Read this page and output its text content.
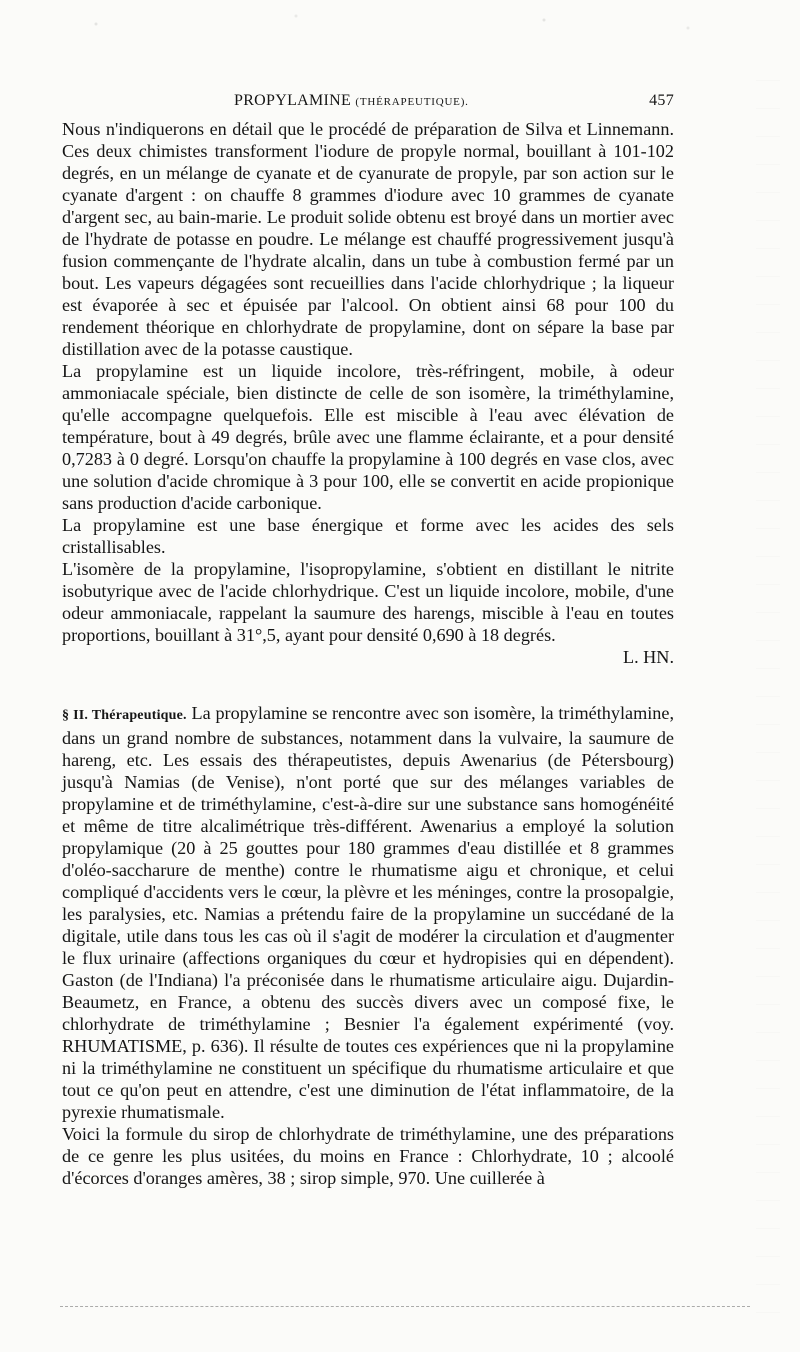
PROPYLAMINE (THÉRAPEUTIQUE).	457

Nous n'indiquerons en détail que le procédé de préparation de Silva et Linnemann. Ces deux chimistes transforment l'iodure de propyle normal, bouillant à 101-102 degrés, en un mélange de cyanate et de cyanurate de propyle, par son action sur le cyanate d'argent : on chauffe 8 grammes d'iodure avec 10 grammes de cyanate d'argent sec, au bain-marie. Le produit solide obtenu est broyé dans un mortier avec de l'hydrate de potasse en poudre. Le mélange est chauffé progressivement jusqu'à fusion commençante de l'hydrate alcalin, dans un tube à combustion fermé par un bout. Les vapeurs dégagées sont recueillies dans l'acide chlorhydrique ; la liqueur est évaporée à sec et épuisée par l'alcool. On obtient ainsi 68 pour 100 du rendement théorique en chlorhydrate de propylamine, dont on sépare la base par distillation avec de la potasse caustique.

La propylamine est un liquide incolore, très-réfringent, mobile, à odeur ammoniacale spéciale, bien distincte de celle de son isomère, la triméthylamine, qu'elle accompagne quelquefois. Elle est miscible à l'eau avec élévation de température, bout à 49 degrés, brûle avec une flamme éclairante, et a pour densité 0,7283 à 0 degré. Lorsqu'on chauffe la propylamine à 100 degrés en vase clos, avec une solution d'acide chromique à 3 pour 100, elle se convertit en acide propionique sans production d'acide carbonique.

La propylamine est une base énergique et forme avec les acides des sels cristallisables.

L'isomère de la propylamine, l'isopropylamine, s'obtient en distillant le nitrite isobutyrique avec de l'acide chlorhydrique. C'est un liquide incolore, mobile, d'une odeur ammoniacale, rappelant la saumure des harengs, miscible à l'eau en toutes proportions, bouillant à 31°,5, ayant pour densité 0,690 à 18 degrés.

L. HN.

§ II. Thérapeutique. La propylamine se rencontre avec son isomère, la triméthylamine, dans un grand nombre de substances, notamment dans la vulvaire, la saumure de hareng, etc. Les essais des thérapeutistes, depuis Awenarius (de Pétersbourg) jusqu'à Namias (de Venise), n'ont porté que sur des mélanges variables de propylamine et de triméthylamine, c'est-à-dire sur une substance sans homogénéité et même de titre alcalimétrique très-différent. Awenarius a employé la solution propylamique (20 à 25 gouttes pour 180 grammes d'eau distillée et 8 grammes d'oléo-saccharure de menthe) contre le rhumatisme aigu et chronique, et celui compliqué d'accidents vers le cœur, la plèvre et les méninges, contre la prosopalgie, les paralysies, etc. Namias a prétendu faire de la propylamine un succédané de la digitale, utile dans tous les cas où il s'agit de modérer la circulation et d'augmenter le flux urinaire (affections organiques du cœur et hydropisies qui en dépendent). Gaston (de l'Indiana) l'a préconisée dans le rhumatisme articulaire aigu. Dujardin-Beaumetz, en France, a obtenu des succès divers avec un composé fixe, le chlorhydrate de triméthylamine ; Besnier l'a également expérimenté (voy. RHUMATISME, p. 636). Il résulte de toutes ces expériences que ni la propylamine ni la triméthylamine ne constituent un spécifique du rhumatisme articulaire et que tout ce qu'on peut en attendre, c'est une diminution de l'état inflammatoire, de la pyrexie rhumatismale.

Voici la formule du sirop de chlorhydrate de triméthylamine, une des préparations de ce genre les plus usitées, du moins en France : Chlorhydrate, 10 ; alcoolé d'écorces d'oranges amères, 38 ; sirop simple, 970. Une cuillerée à
